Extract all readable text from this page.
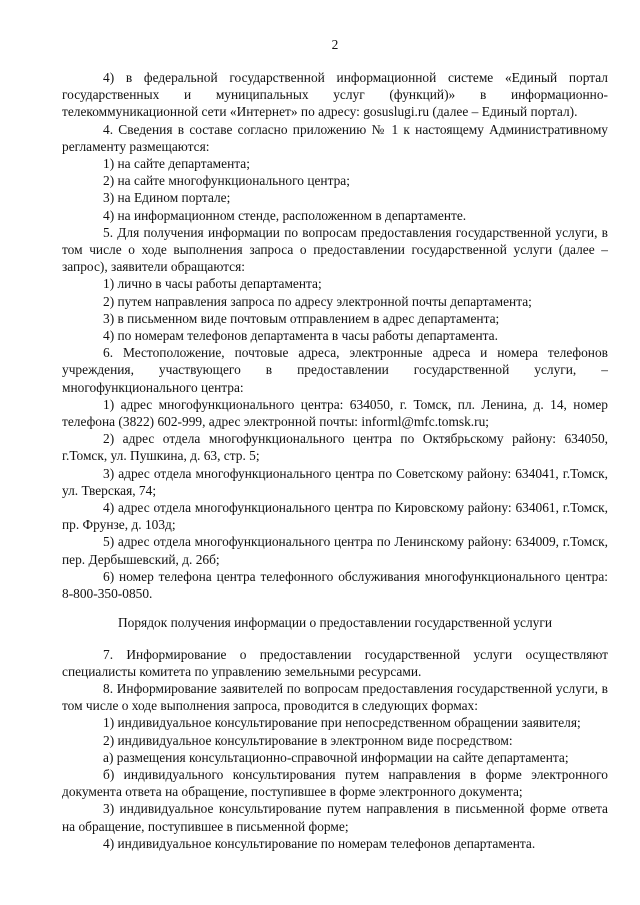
2

4) в федеральной государственной информационной системе «Единый портал государственных и муниципальных услуг (функций)» в информационно-телекоммуникационной сети «Интернет» по адресу: gosuslugi.ru (далее – Единый портал).

4. Сведения в составе согласно приложению № 1 к настоящему Административному регламенту размещаются:

1) на сайте департамента;

2) на сайте многофункционального центра;

3) на Едином портале;

4) на информационном стенде, расположенном в департаменте.

5. Для получения информации по вопросам предоставления государственной услуги, в том числе о ходе выполнения запроса о предоставлении государственной услуги (далее – запрос), заявители обращаются:

1) лично в часы работы департамента;

2) путем направления запроса по адресу электронной почты департамента;

3) в письменном виде почтовым отправлением в адрес департамента;

4) по номерам телефонов департамента в часы работы департамента.

6. Местоположение, почтовые адреса, электронные адреса и номера телефонов учреждения, участвующего в предоставлении государственной услуги, – многофункционального центра:

1) адрес многофункционального центра: 634050, г. Томск, пл. Ленина, д. 14, номер телефона (3822) 602-999, адрес электронной почты: informl@mfc.tomsk.ru;

2) адрес отдела многофункционального центра по Октябрьскому району: 634050, г.Томск, ул. Пушкина, д. 63, стр. 5;

3) адрес отдела многофункционального центра по Советскому району: 634041, г.Томск, ул. Тверская, 74;

4) адрес отдела многофункционального центра по Кировскому району: 634061, г.Томск, пр. Фрунзе, д. 103д;

5) адрес отдела многофункционального центра по Ленинскому району: 634009, г.Томск, пер. Дербышевский, д. 26б;

6) номер телефона центра телефонного обслуживания многофункционального центра: 8-800-350-0850.

Порядок получения информации о предоставлении государственной услуги

7. Информирование о предоставлении государственной услуги осуществляют специалисты комитета по управлению земельными ресурсами.

8. Информирование заявителей по вопросам предоставления государственной услуги, в том числе о ходе выполнения запроса, проводится в следующих формах:

1) индивидуальное консультирование при непосредственном обращении заявителя;

2) индивидуальное консультирование в электронном виде посредством:

а) размещения консультационно-справочной информации на сайте департамента;

б) индивидуального консультирования путем направления в форме электронного документа ответа на обращение, поступившее в форме электронного документа;

3) индивидуальное консультирование путем направления в письменной форме ответа на обращение, поступившее в письменной форме;

4) индивидуальное консультирование по номерам телефонов департамента.
